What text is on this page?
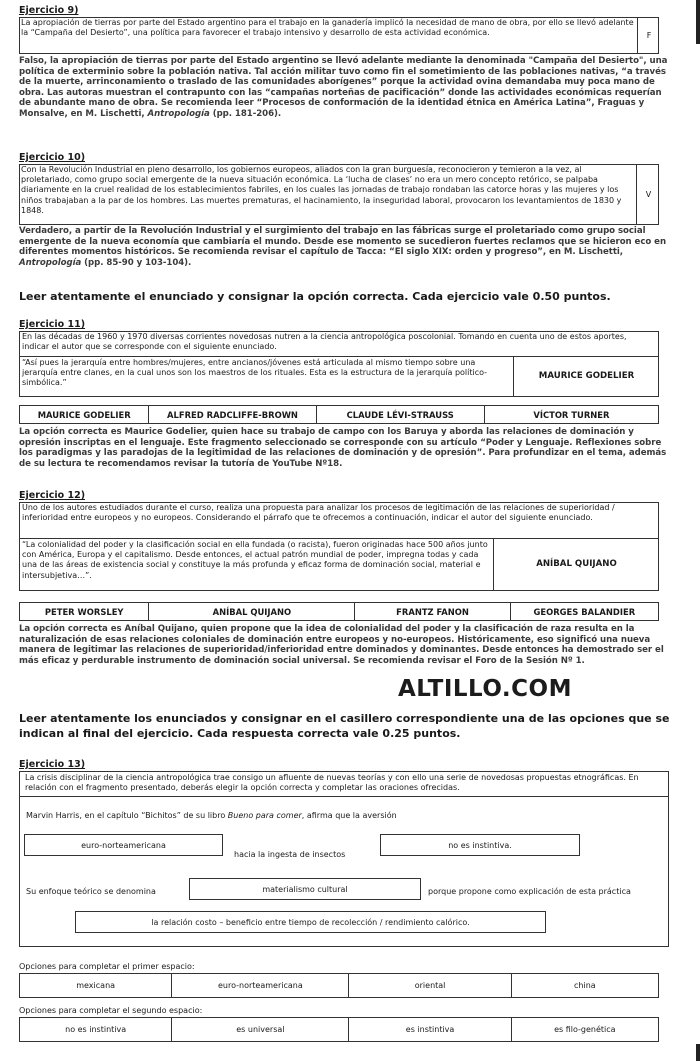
Ejercicio 9)
La apropiación de tierras por parte del Estado argentino para el trabajo en la ganadería implicó la necesidad de mano de obra, por ello se llevó adelante la “Campaña del Desierto”, una política para favorecer el trabajo intensivo y desarrollo de esta actividad económica.	F
Falso, la apropiación de tierras por parte del Estado argentino se llevó adelante mediante la denominada "Campaña del Desierto", una política de exterminio sobre la población nativa. Tal acción militar tuvo como fin el sometimiento de las poblaciones nativas, “a través de la muerte, arrinconamiento o traslado de las comunidades aborígenes” porque la actividad ovina demandaba muy poca mano de obra. Las autoras muestran el contrapunto con las “campañas norteñas de pacificación” donde las actividades económicas requerían de abundante mano de obra. Se recomienda leer “Procesos de conformación de la identidad étnica en América Latina”, Fraguas y Monsalve, en M. Lischetti, Antropología (pp. 181-206).
Ejercicio 10)
Con la Revolución Industrial en pleno desarrollo, los gobiernos europeos, aliados con la gran burguesía, reconocieron y temieron a la vez, al proletariado, como grupo social emergente de la nueva situación económica. La ‘lucha de clases’ no era un mero concepto retórico, se palpaba diariamente en la cruel realidad de los establecimientos fabriles, en los cuales las jornadas de trabajo rondaban las catorce horas y las mujeres y los niños trabajaban a la par de los hombres. Las muertes prematuras, el hacinamiento, la inseguridad laboral, provocaron los levantamientos de 1830 y 1848.
V
Verdadero, a partir de la Revolución Industrial y el surgimiento del trabajo en las fábricas surge el proletariado como grupo social emergente de la nueva economía que cambiaría el mundo. Desde ese momento se sucedieron fuertes reclamos que se hicieron eco en diferentes momentos históricos. Se recomienda revisar el capítulo de Tacca: “El siglo XIX: orden y progreso”, en M. Lischetti, Antropología (pp. 85-90 y 103-104).
Leer atentamente el enunciado y consignar la opción correcta. Cada ejercicio vale 0.50 puntos.
Ejercicio 11)
En las décadas de 1960 y 1970 diversas corrientes novedosas nutren a la ciencia antropológica poscolonial. Tomando en cuenta uno de estos aportes, indicar el autor que se corresponde con el siguiente enunciado.
“Así pues la jerarquía entre hombres/mujeres, entre ancianos/jóvenes está articulada al mismo tiempo sobre una jerarquía entre clanes, en la cual unos son los maestros de los rituales. Esta es la estructura de la jerarquía político-simbólica.”
MAURICE GODELIER
MAURICE GODELIER	ALFRED RADCLIFFE-BROWN	CLAUDE LÉVI-STRAUSS	VÍCTOR TURNER
La opción correcta es Maurice Godelier, quien hace su trabajo de campo con los Baruya y aborda las relaciones de dominación y opresión inscriptas en el lenguaje. Este fragmento seleccionado se corresponde con su artículo “Poder y Lenguaje. Reflexiones sobre los paradigmas y las paradojas de la legitimidad de las relaciones de dominación y de opresión”. Para profundizar en el tema, además de su lectura te recomendamos revisar la tutoría de YouTube Nº18.
Ejercicio 12)
Uno de los autores estudiados durante el curso, realiza una propuesta para analizar los procesos de legitimación de las relaciones de superioridad / inferioridad entre europeos y no europeos. Considerando el párrafo que te ofrecemos a continuación, indicar el autor del siguiente enunciado.
“La colonialidad del poder y la clasificación social en ella fundada (o racista), fueron originadas hace 500 años junto con América, Europa y el capitalismo. Desde entonces, el actual patrón mundial de poder, impregna todas y cada una de las áreas de existencia social y constituye la más profunda y eficaz forma de dominación social, material e intersubjetiva…”.
ANÍBAL QUIJANO
PETER WORSLEY	ANÍBAL QUIJANO	FRANTZ FANON	GEORGES BALANDIER
La opción correcta es Aníbal Quijano, quien propone que la idea de colonialidad del poder y la clasificación de raza resulta en la naturalización de esas relaciones coloniales de dominación entre europeos y no-europeos. Históricamente, eso significó una nueva manera de legitimar las relaciones de superioridad/inferioridad entre dominados y dominantes. Desde entonces ha demostrado ser el más eficaz y perdurable instrumento de dominación social universal. Se recomienda revisar el Foro de la Sesión Nº 1.
ALTILLO.COM
Leer atentamente los enunciados y consignar en el casillero correspondiente una de las opciones que se indican al final del ejercicio. Cada respuesta correcta vale 0.25 puntos.
Ejercicio 13)
La crisis disciplinar de la ciencia antropológica trae consigo un afluente de nuevas teorías y con ello una serie de novedosas propuestas etnográficas. En relación con el fragmento presentado, deberás elegir la opción correcta y completar las oraciones ofrecidas.
Marvin Harris, en el capítulo “Bichitos” de su libro Bueno para comer, afirma que la aversión
euro-norteamericana
hacia la ingesta de insectos
no es instintiva.
Su enfoque teórico se denomina	materialismo cultural	porque propone como explicación de esta práctica
la relación costo – beneficio entre tiempo de recolección / rendimiento calórico.
Opciones para completar el primer espacio:
mexicana	euro-norteamericana	oriental	china
Opciones para completar el segundo espacio:
no es instintiva	es universal	es instintiva	es filo-genética
